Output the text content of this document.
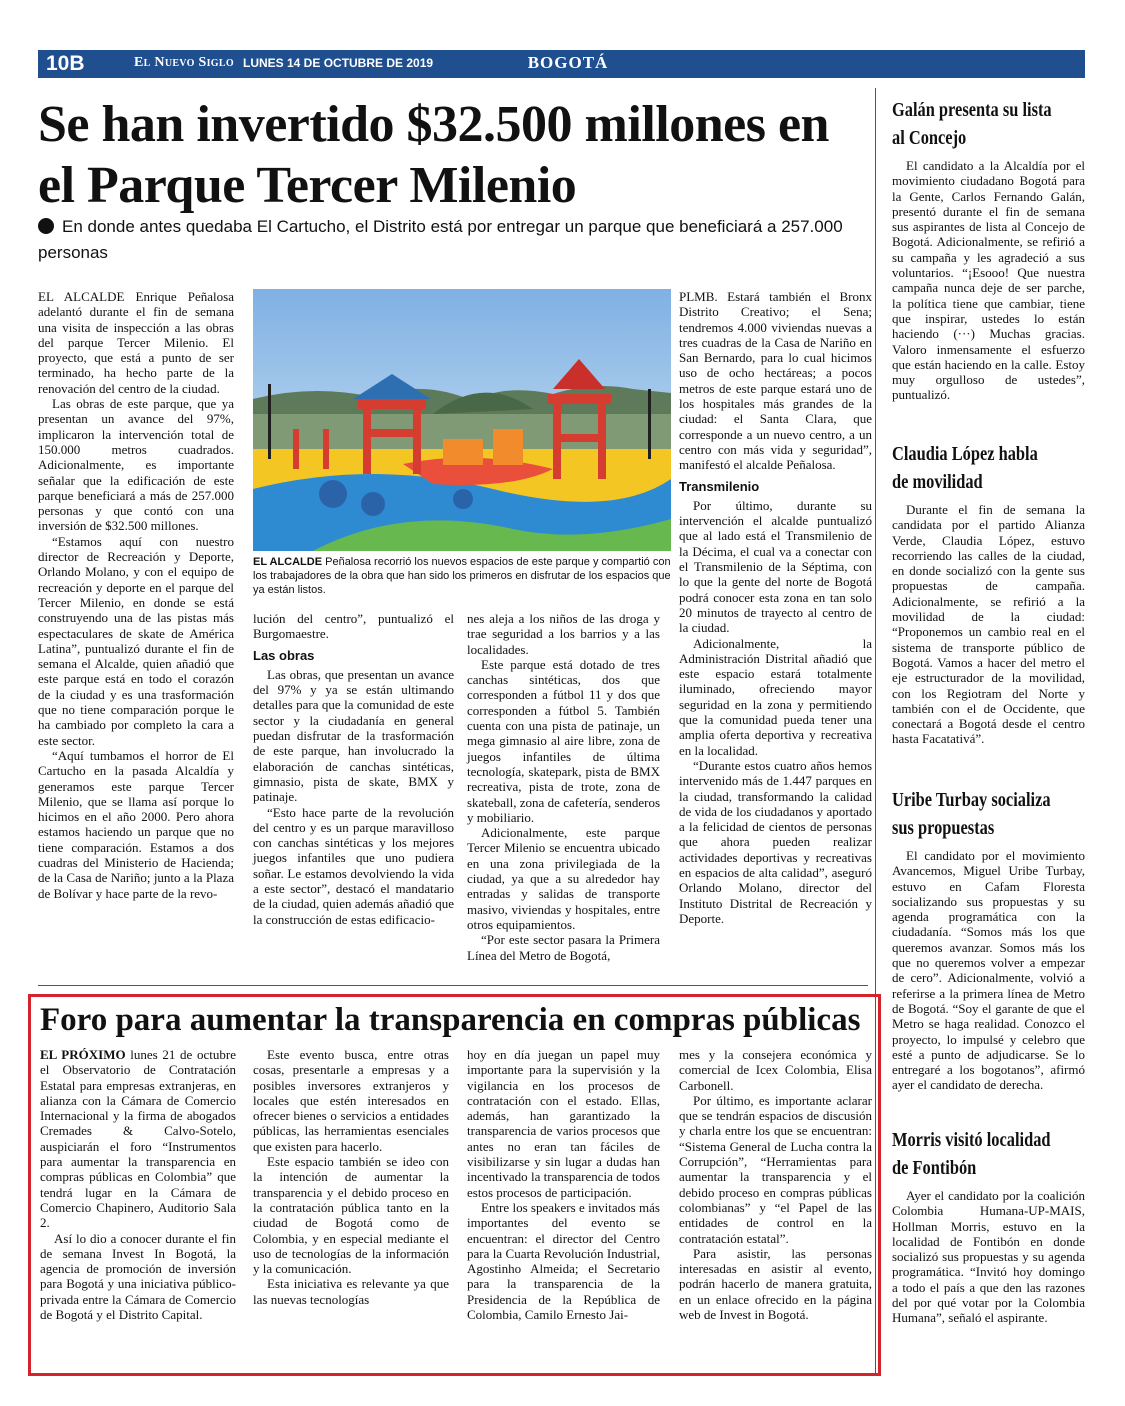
10B	El Nuevo Siglo LUNES 14 DE OCTUBRE DE 2019	BOGOTÁ
Se han invertido $32.500 millones en el Parque Tercer Milenio
En donde antes quedaba El Cartucho, el Distrito está por entregar un parque que beneficiará a 257.000 personas

EL ALCALDE Enrique Peñalosa adelantó durante el fin de semana una visita de inspección a las obras del parque Tercer Milenio. El proyecto, que está a punto de ser terminado, ha hecho parte de la renovación del centro de la ciudad.

Las obras de este parque, que ya presentan un avance del 97%, implicaron la intervención total de 150.000 metros cuadrados. Adicionalmente, es importante señalar que la edificación de este parque beneficiará a más de 257.000 personas y que contó con una inversión de $32.500 millones.

“Estamos aquí con nuestro director de Recreación y Deporte, Orlando Molano, y con el equipo de recreación y deporte en el parque del Tercer Milenio, en donde se está construyendo una de las pistas más espectaculares de skate de América Latina”, puntualizó durante el fin de semana el Alcalde, quien añadió que este parque está en todo el corazón de la ciudad y es una trasformación que no tiene comparación porque le ha cambiado por completo la cara a este sector.

“Aquí tumbamos el horror de El Cartucho en la pasada Alcaldía y generamos este parque Tercer Milenio, que se llama así porque lo hicimos en el año 2000. Pero ahora estamos haciendo un parque que no tiene comparación. Estamos a dos cuadras del Ministerio de Hacienda; de la Casa de Nariño; junto a la Plaza de Bolívar y hace parte de la revo-

EL ALCALDE Peñalosa recorrió los nuevos espacios de este parque y compartió con los trabajadores de la obra que han sido los primeros en disfrutar de los espacios que ya están listos.

lución del centro”, puntualizó el Burgomaestre.

Las obras

Las obras, que presentan un avance del 97% y ya se están ultimando detalles para que la comunidad de este sector y la ciudadanía en general puedan disfrutar de la trasformación de este parque, han involucrado la elaboración de canchas sintéticas, gimnasio, pista de skate, BMX y patinaje.

“Esto hace parte de la revolución del centro y es un parque maravilloso con canchas sintéticas y los mejores juegos infantiles que uno pudiera soñar. Le estamos devolviendo la vida a este sector”, destacó el mandatario de la ciudad, quien además añadió que la construcción de estas edificacio-

nes aleja a los niños de las droga y trae seguridad a los barrios y a las localidades.

Este parque está dotado de tres canchas sintéticas, dos que corresponden a fútbol 11 y dos que corresponden a fútbol 5. También cuenta con una pista de patinaje, un mega gimnasio al aire libre, zona de juegos infantiles de última tecnología, skatepark, pista de BMX recreativa, pista de trote, zona de skateball, zona de cafetería, senderos y mobiliario.

Adicionalmente, este parque Tercer Milenio se encuentra ubicado en una zona privilegiada de la ciudad, ya que a su alrededor hay entradas y salidas de transporte masivo, viviendas y hospitales, entre otros equipamientos.

“Por este sector pasara la Primera Línea del Metro de Bogotá,

PLMB. Estará también el Bronx Distrito Creativo; el Sena; tendremos 4.000 viviendas nuevas a tres cuadras de la Casa de Nariño en San Bernardo, para lo cual hicimos uso de ocho hectáreas; a pocos metros de este parque estará uno de los hospitales más grandes de la ciudad: el Santa Clara, que corresponde a un nuevo centro, a un centro con más vida y seguridad”, manifestó el alcalde Peñalosa.

Transmilenio

Por último, durante su intervención el alcalde puntualizó que al lado está el Transmilenio de la Décima, el cual va a conectar con el Transmilenio de la Séptima, con lo que la gente del norte de Bogotá podrá conocer esta zona en tan solo 20 minutos de trayecto al centro de la ciudad.

Adicionalmente, la Administración Distrital añadió que este espacio estará totalmente iluminado, ofreciendo mayor seguridad en la zona y permitiendo que la comunidad pueda tener una amplia oferta deportiva y recreativa en la localidad.

“Durante estos cuatro años hemos intervenido más de 1.447 parques en la ciudad, transformando la calidad de vida de los ciudadanos y aportado a la felicidad de cientos de personas que ahora pueden realizar actividades deportivas y recreativas en espacios de alta calidad”, aseguró Orlando Molano, director del Instituto Distrital de Recreación y Deporte.

Foro para aumentar la transparencia en compras públicas

EL PRÓXIMO lunes 21 de octubre el Observatorio de Contratación Estatal para empresas extranjeras, en alianza con la Cámara de Comercio Internacional y la firma de abogados Cremades & Calvo-Sotelo, auspiciarán el foro “Instrumentos para aumentar la transparencia en compras públicas en Colombia” que tendrá lugar en la Cámara de Comercio Chapinero, Auditorio Sala 2.

Así lo dio a conocer durante el fin de semana Invest In Bogotá, la agencia de promoción de inversión para Bogotá y una iniciativa público-privada entre la Cámara de Comercio de Bogotá y el Distrito Capital.

Este evento busca, entre otras cosas, presentarle a empresas y a posibles inversores extranjeros y locales que estén interesados en ofrecer bienes o servicios a entidades públicas, las herramientas esenciales que existen para hacerlo.

Este espacio también se ideo con la intención de aumentar la transparencia y el debido proceso en la contratación pública tanto en la ciudad de Bogotá como de Colombia, y en especial mediante el uso de tecnologías de la información y la comunicación.

Esta iniciativa es relevante ya que las nuevas tecnologías

hoy en día juegan un papel muy importante para la supervisión y la vigilancia en los procesos de contratación con el estado. Ellas, además, han garantizado la transparencia de varios procesos que antes no eran tan fáciles de visibilizarse y sin lugar a dudas han incentivado la transparencia de todos estos procesos de participación.

Entre los speakers e invitados más importantes del evento se encuentran: el director del Centro para la Cuarta Revolución Industrial, Agostinho Almeida; el Secretario para la transparencia de la Presidencia de la República de Colombia, Camilo Ernesto Jai-

mes y la consejera económica y comercial de Icex Colombia, Elisa Carbonell.

Por último, es importante aclarar que se tendrán espacios de discusión y charla entre los que se encuentran: “Sistema General de Lucha contra la Corrupción”, “Herramientas para aumentar la transparencia y el debido proceso en compras públicas colombianas” y “el Papel de las entidades de control en la contratación estatal”.

Para asistir, las personas interesadas en asistir al evento, podrán hacerlo de manera gratuita, en un enlace ofrecido en la página web de Invest in Bogotá.

Galán presenta su lista al Concejo

El candidato a la Alcaldía por el movimiento ciudadano Bogotá para la Gente, Carlos Fernando Galán, presentó durante el fin de semana sus aspirantes de lista al Concejo de Bogotá. Adicionalmente, se refirió a su campaña y les agradeció a sus voluntarios. “¡Esooo! Que nuestra campaña nunca deje de ser parche, la política tiene que cambiar, tiene que inspirar, ustedes lo están haciendo (···) Muchas gracias. Valoro inmensamente el esfuerzo que están haciendo en la calle. Estoy muy orgulloso de ustedes”, puntualizó.

Claudia López habla de movilidad

Durante el fin de semana la candidata por el partido Alianza Verde, Claudia López, estuvo recorriendo las calles de la ciudad, en donde socializó con la gente sus propuestas de campaña. Adicionalmente, se refirió a la movilidad de la ciudad: “Proponemos un cambio real en el sistema de transporte público de Bogotá. Vamos a hacer del metro el eje estructurador de la movilidad, con los Regiotram del Norte y también con el de Occidente, que conectará a Bogotá desde el centro hasta Facatativá”.

Uribe Turbay socializa sus propuestas

El candidato por el movimiento Avancemos, Miguel Uribe Turbay, estuvo en Cafam Floresta socializando sus propuestas y su agenda programática con la ciudadanía. “Somos más los que queremos avanzar. Somos más los que no queremos volver a empezar de cero”. Adicionalmente, volvió a referirse a la primera línea de Metro de Bogotá. “Soy el garante de que el Metro se haga realidad. Conozco el proyecto, lo impulsé y celebro que esté a punto de adjudicarse. Se lo entregaré a los bogotanos”, afirmó ayer el candidato de derecha.

Morris visitó localidad de Fontibón

Ayer el candidato por la coalición Colombia Humana-UP-MAIS, Hollman Morris, estuvo en la localidad de Fontibón en donde socializó sus propuestas y su agenda programática. “Invitó hoy domingo a todo el país a que den las razones del por qué votar por la Colombia Humana”, señaló el aspirante.
